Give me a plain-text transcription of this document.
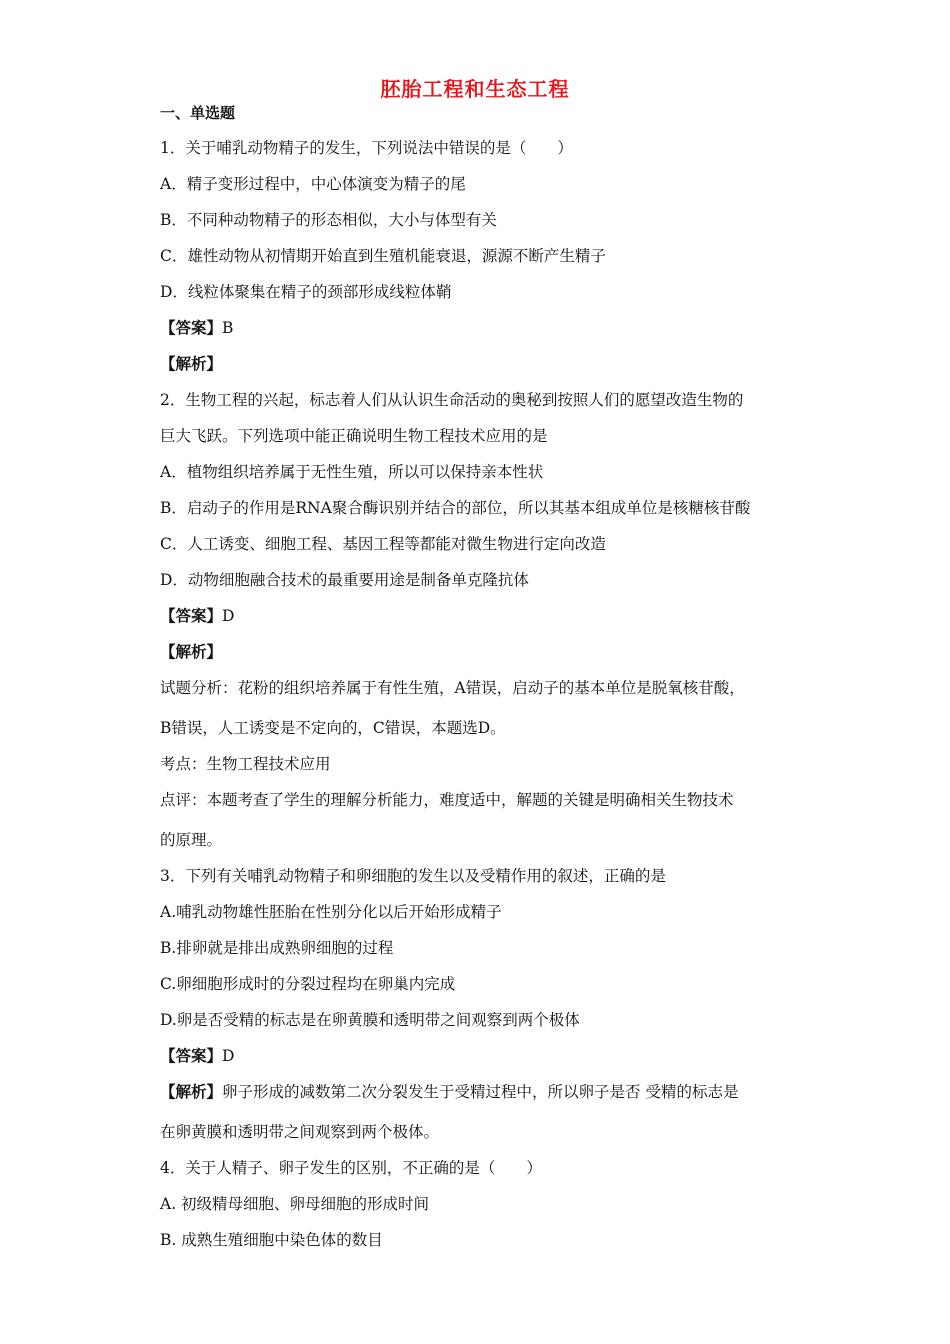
胚胎工程和生态工程
一、单选题
1．关于哺乳动物精子的发生，下列说法中错误的是（　　）
A．精子变形过程中，中心体演变为精子的尾
B．不同种动物精子的形态相似，大小与体型有关
C．雄性动物从初情期开始直到生殖机能衰退，源源不断产生精子
D．线粒体聚集在精子的颈部形成线粒体鞘
【答案】B
【解析】
2．生物工程的兴起，标志着人们从认识生命活动的奥秘到按照人们的愿望改造生物的
巨大飞跃。下列选项中能正确说明生物工程技术应用的是
A．植物组织培养属于无性生殖，所以可以保持亲本性状
B．启动子的作用是RNA聚合酶识别并结合的部位，所以其基本组成单位是核糖核苷酸
C．人工诱变、细胞工程、基因工程等都能对微生物进行定向改造
D．动物细胞融合技术的最重要用途是制备单克隆抗体
【答案】D
【解析】
试题分析：花粉的组织培养属于有性生殖，A错误，启动子的基本单位是脱氧核苷酸，
B错误，人工诱变是不定向的，C错误，本题选D。
考点：生物工程技术应用
点评：本题考查了学生的理解分析能力，难度适中，解题的关键是明确相关生物技术
的原理。
3．下列有关哺乳动物精子和卵细胞的发生以及受精作用的叙述，正确的是
A.哺乳动物雄性胚胎在性别分化以后开始形成精子
B.排卵就是排出成熟卵细胞的过程
C.卵细胞形成时的分裂过程均在卵巢内完成
D.卵是否受精的标志是在卵黄膜和透明带之间观察到两个极体
【答案】D
【解析】卵子形成的减数第二次分裂发生于受精过程中，所以卵子是否 受精的标志是
在卵黄膜和透明带之间观察到两个极体。
4．关于人精子、卵子发生的区别，不正确的是（　　）
A. 初级精母细胞、卵母细胞的形成时间
B. 成熟生殖细胞中染色体的数目
